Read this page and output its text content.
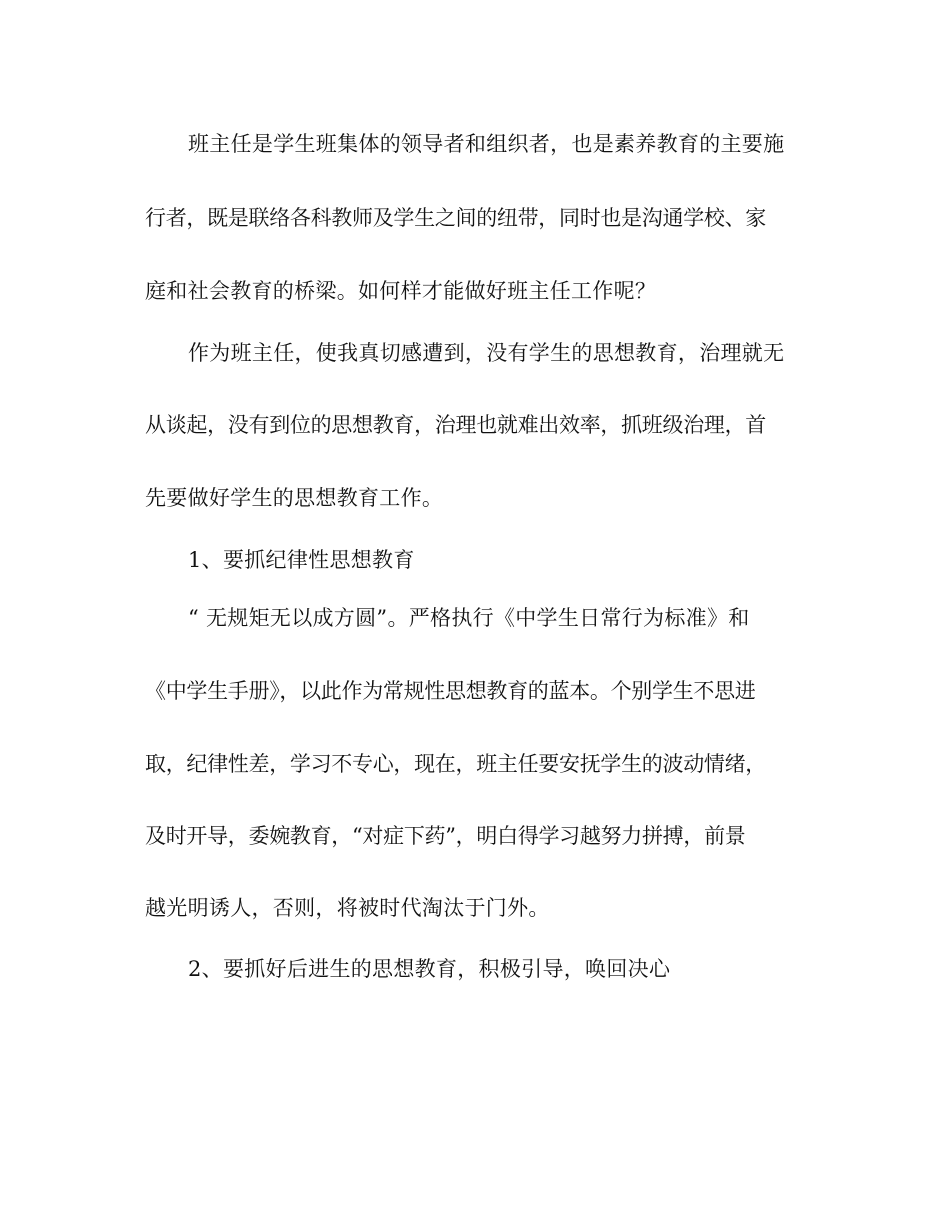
班主任是学生班集体的领导者和组织者，也是素养教育的主要施
行者，既是联络各科教师及学生之间的纽带，同时也是沟通学校、家
庭和社会教育的桥梁。如何样才能做好班主任工作呢？
作为班主任，使我真切感遭到，没有学生的思想教育，治理就无
从谈起，没有到位的思想教育，治理也就难出效率，抓班级治理，首
先要做好学生的思想教育工作。
1、要抓纪律性思想教育
“ 无规矩无以成方圆”。严格执行《中学生日常行为标准》和
《中学生手册》，以此作为常规性思想教育的蓝本。个别学生不思进
取，纪律性差，学习不专心，现在，班主任要安抚学生的波动情绪，
及时开导，委婉教育，“对症下药”，明白得学习越努力拼搏，前景
越光明诱人，否则，将被时代淘汰于门外。
2、要抓好后进生的思想教育，积极引导，唤回决心
